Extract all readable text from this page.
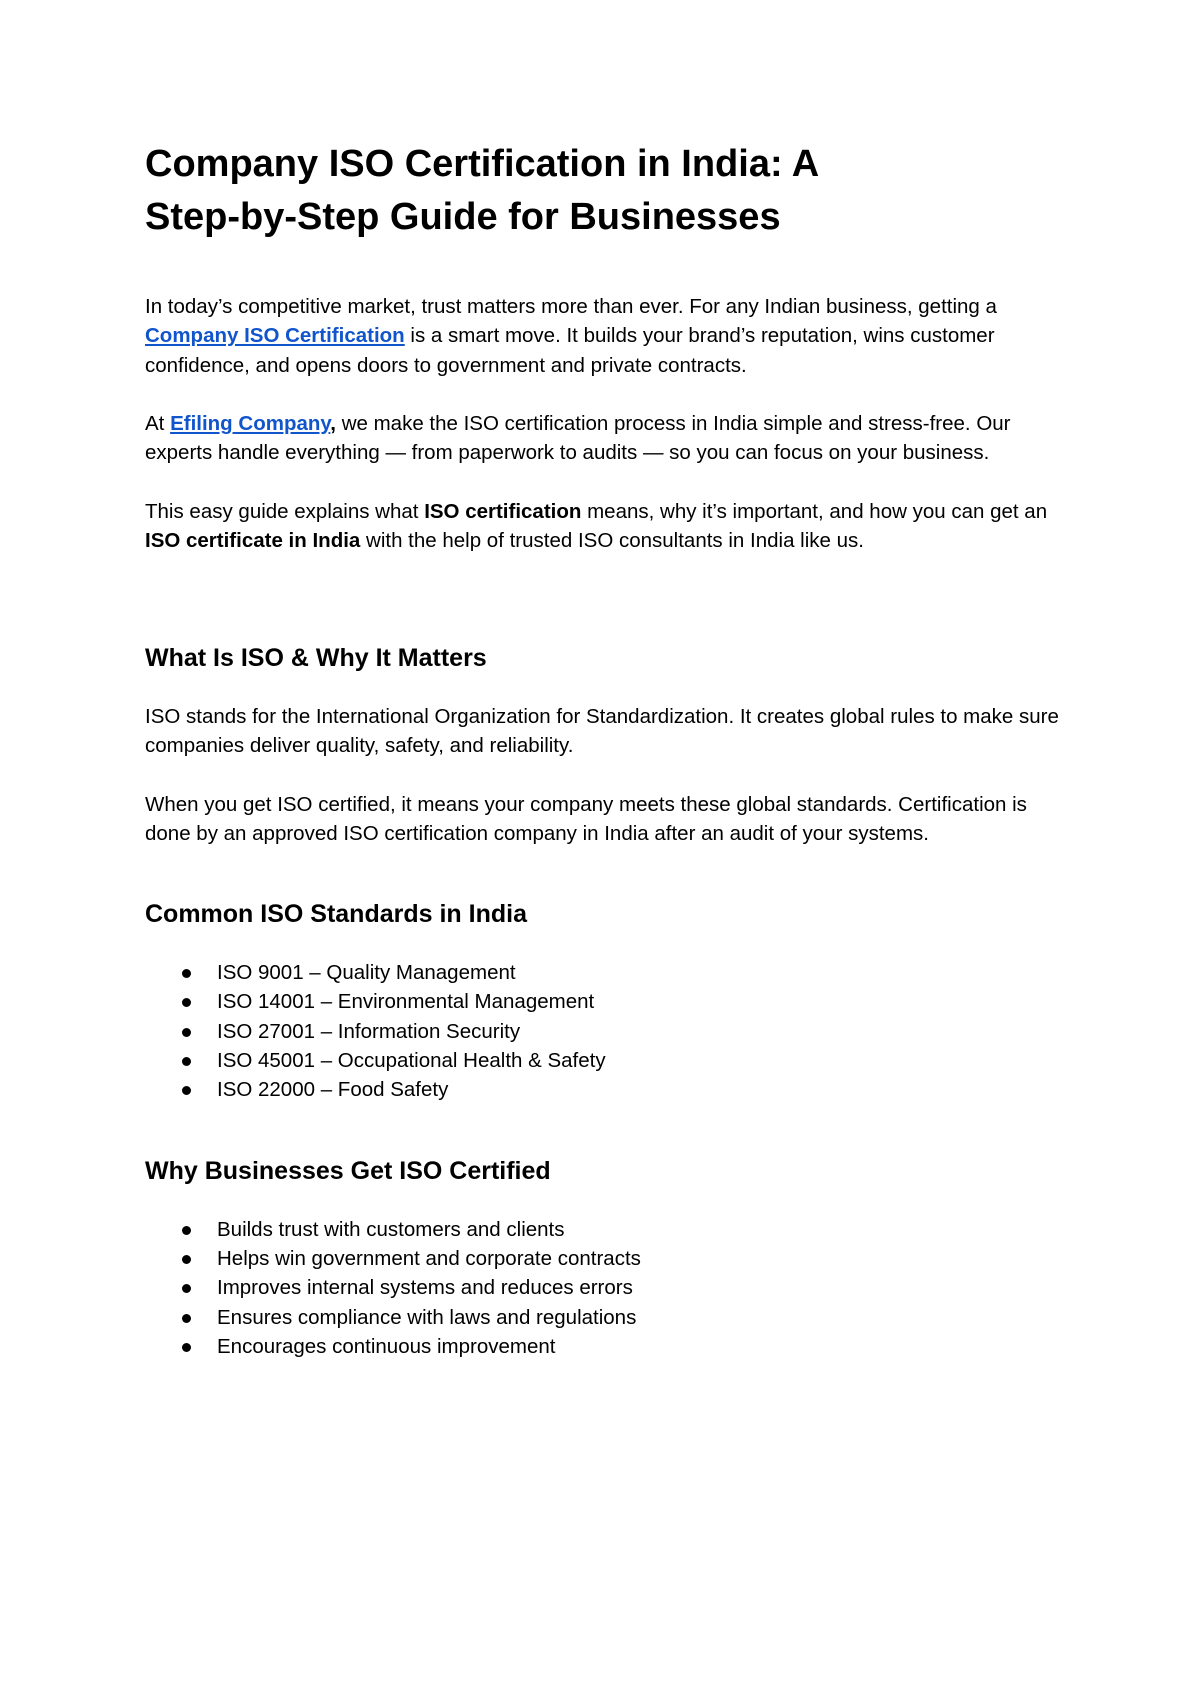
Company ISO Certification in India: A
Step-by-Step Guide for Businesses

In today’s competitive market, trust matters more than ever. For any Indian business, getting a Company ISO Certification is a smart move. It builds your brand’s reputation, wins customer confidence, and opens doors to government and private contracts.

At Efiling Company, we make the ISO certification process in India simple and stress-free. Our experts handle everything — from paperwork to audits — so you can focus on your business.

This easy guide explains what ISO certification means, why it’s important, and how you can get an ISO certificate in India with the help of trusted ISO consultants in India like us.

What Is ISO & Why It Matters

ISO stands for the International Organization for Standardization. It creates global rules to make sure companies deliver quality, safety, and reliability.

When you get ISO certified, it means your company meets these global standards. Certification is done by an approved ISO certification company in India after an audit of your systems.

Common ISO Standards in India
ISO 9001 – Quality Management
ISO 14001 – Environmental Management
ISO 27001 – Information Security
ISO 45001 – Occupational Health & Safety
ISO 22000 – Food Safety
Why Businesses Get ISO Certified
Builds trust with customers and clients
Helps win government and corporate contracts
Improves internal systems and reduces errors
Ensures compliance with laws and regulations
Encourages continuous improvement
